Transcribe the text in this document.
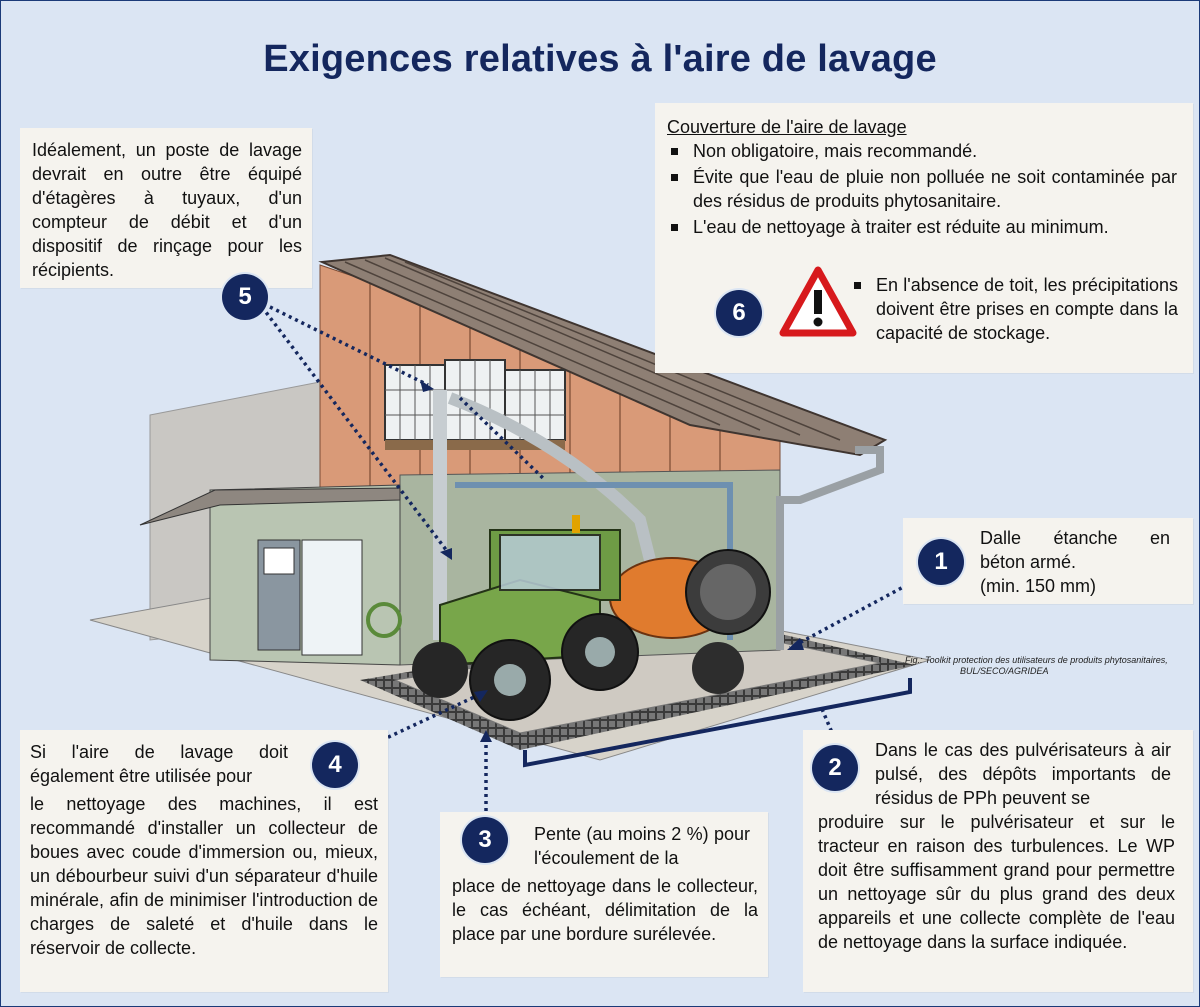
Exigences relatives à l'aire de lavage
Idéalement, un poste de lavage devrait en outre être équipé d'étagères à tuyaux, d'un compteur de débit et d'un dispositif de rinçage pour les récipients.
5
Couverture de l'aire de lavage
Non obligatoire, mais recommandé.
Évite que l'eau de pluie non polluée ne soit contaminée par des résidus de produits phytosanitaire.
L'eau de nettoyage à traiter est réduite au minimum.
En l'absence de toit, les précipitations doivent être prises en compte dans la capacité de stockage.
6
Dalle étanche en
béton armé.
(min. 150 mm)
1
Fig.: Toolkit protection des utilisateurs de produits phytosanitaires,
BUL/SECO/AGRIDEA
Dans le cas des pulvérisateurs à air pulsé, des dépôts importants de résidus de PPh peuvent se
produire sur le pulvérisateur et sur le tracteur en raison des turbulences. Le WP doit être suffisamment grand pour permettre un nettoyage sûr du plus grand des deux appareils et une collecte complète de l'eau de nettoyage dans la surface indiquée.
2
Pente (au moins 2 %) pour l'écoulement de la
place de nettoyage dans le collecteur, le cas échéant, délimitation de la place par une bordure surélevée.
3
Si l'aire de lavage doit également être utilisée pour
le nettoyage des machines, il est recommandé d'installer un collecteur de boues avec coude d'immersion ou, mieux, un débourbeur suivi d'un séparateur d'huile minérale, afin de minimiser l'introduction de charges de saleté et d'huile dans le réservoir de collecte.
4
